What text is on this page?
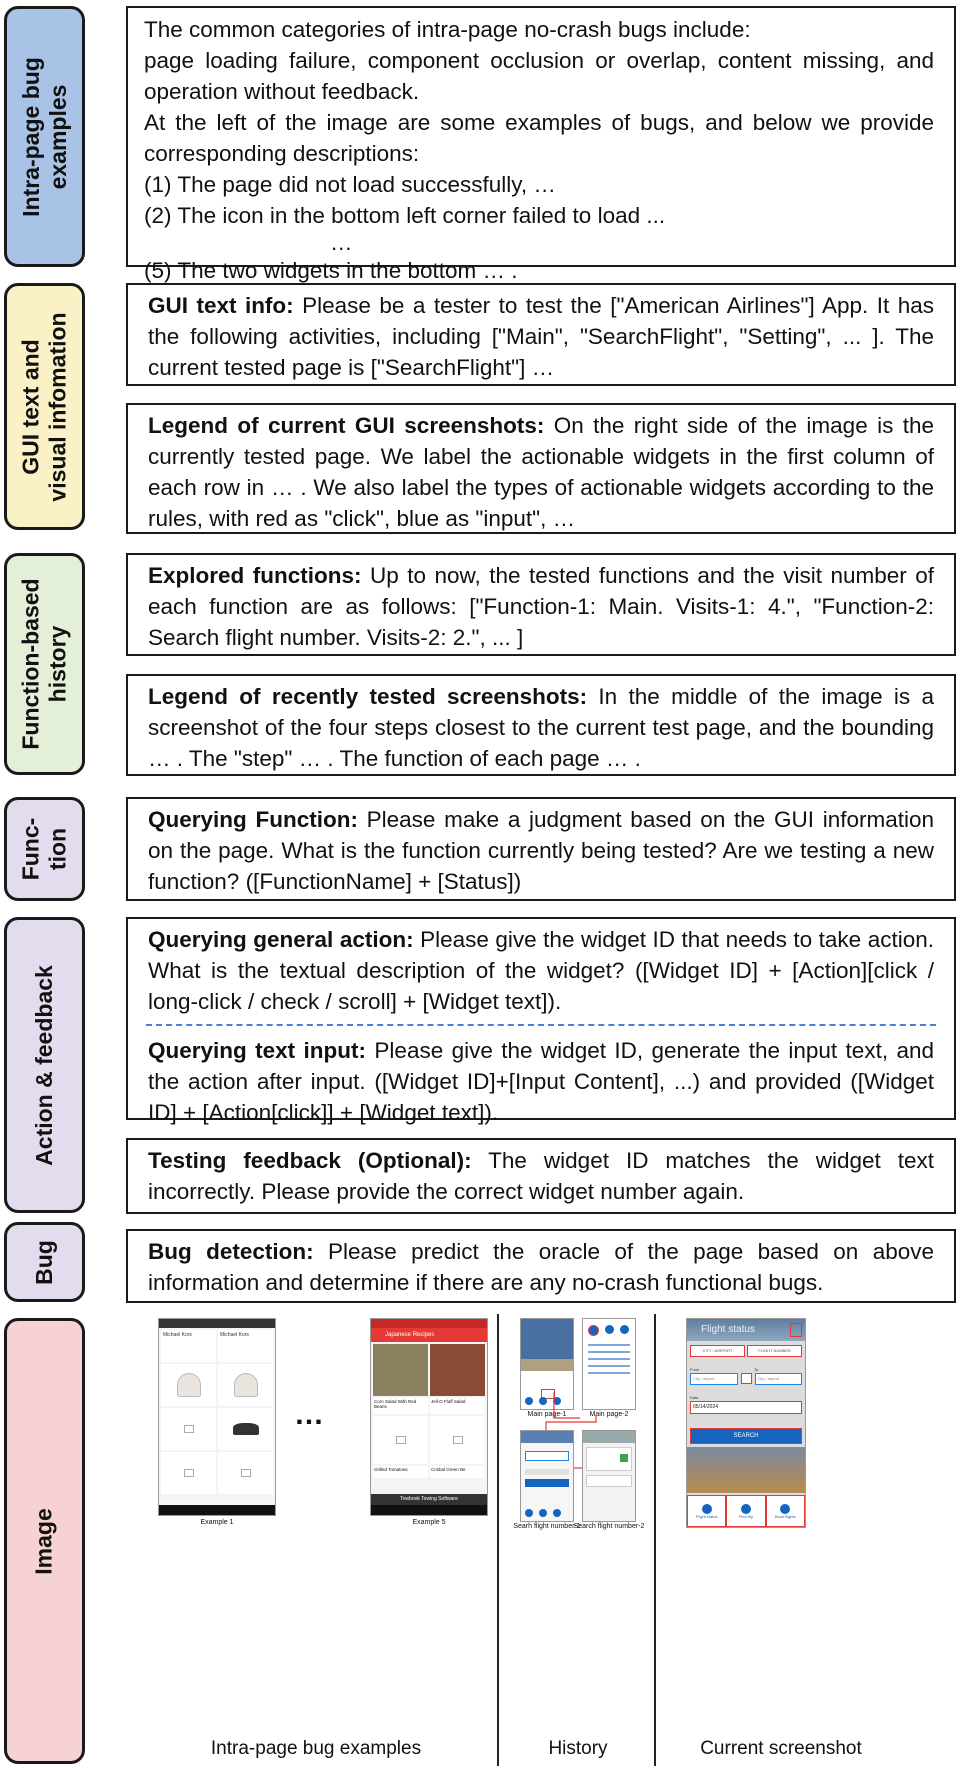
Intra-page bug
examples
GUI text and
visual infomation
Function-based
history
Func-
tion
Action & feedback
Bug
Image

The common categories of intra-page no-crash bugs include:

page loading failure, component occlusion or overlap, content missing, and operation without feedback.

At the left of the image are some examples of bugs, and below we provide corresponding descriptions:

(1) The page did not load successfully, …

(2) The icon in the bottom left corner failed to load ...

…

(5) The two widgets in the bottom … .

GUI text info: Please be a tester to test the ["American Airlines"] App. It has the following activities, including ["Main", "SearchFlight", "Setting", ... ]. The current tested page is ["SearchFlight"] …
Legend of current GUI screenshots: On the right side of the image is the currently tested page. We label the actionable widgets in the first column of each row in … . We also label the types of actionable widgets according to the rules, with red as "click", blue as "input", …
Explored functions: Up to now, the tested functions and the visit number of each function are as follows: ["Function-1: Main. Visits-1: 4.", "Function-2: Search flight number. Visits-2: 2.", ... ]
Legend of recently tested screenshots: In the middle of the image is a screenshot of the four steps closest to the current test page, and the bounding … . The "step" … . The function of each page … .
Querying Function: Please make a judgment based on the GUI information on the page. What is the function currently being tested? Are we testing a new function? ([FunctionName] + [Status])
Querying general action: Please give the widget ID that needs to take action. What is the textual description of the widget? ([Widget ID] + [Action][click / long-click / check / scroll] + [Widget text]).
Querying text input: Please give the widget ID, generate the input text, and the action after input. ([Widget ID]+[Input Content], ...) and provided ([Widget ID] + [Action[click]] + [Widget text]).
Testing feedback (Optional): The widget ID matches the widget text incorrectly. Please provide the correct widget number again.
Bug detection: Please predict the oracle of the page based on above information and determine if there are any no-crash functional bugs.
Michael Kors	Michael Kors
Example 1
…
Japanese Recipes
Corn Salad With Red Beans
Jell-O Fluff Salad
Grilled Tomatoes	Crisbal Green Be
Towbook Towing Software
Example 5
Main page-1	Main page-2
Searh flight number-1
Search flight number-2
Flight status
CITY / AIRPORT	FLIGHT NUMBER
From	To
City / airport	City / airport
Date
05/14/2024
SEARCH
Flight status	Find trip	Book flights
Intra-page bug examples	History	Current screenshot
